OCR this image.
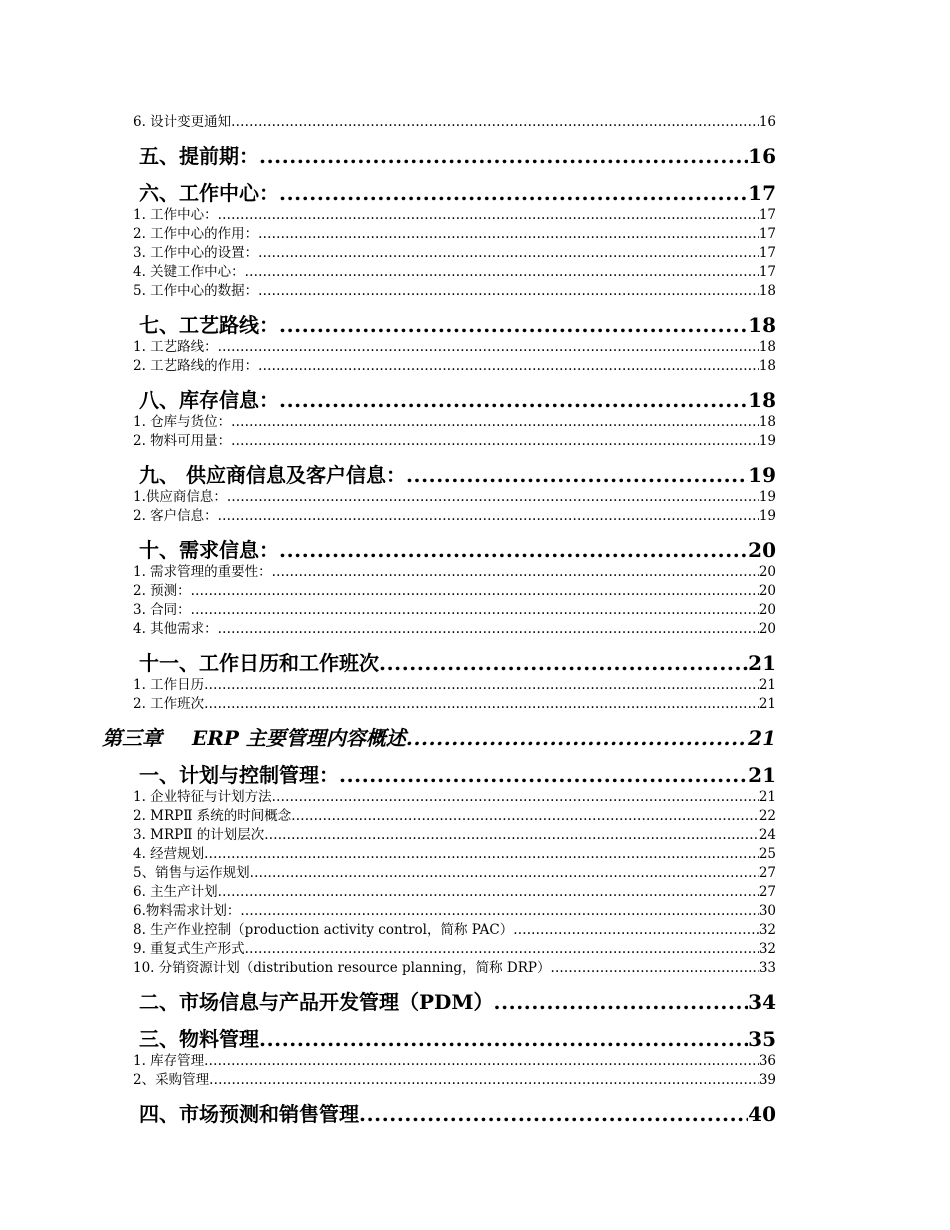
6. 设计变更通知 .....	16
五、提前期： .....	16
六、工作中心： .....	17
1. 工作中心： .....	17
2. 工作中心的作用： .....	17
3. 工作中心的设置： .....	17
4. 关键工作中心： .....	17
5. 工作中心的数据： .....	18
七、工艺路线： .....	18
1. 工艺路线： .....	18
2. 工艺路线的作用： .....	18
八、库存信息： .....	18
1. 仓库与货位： .....	18
2. 物料可用量： .....	19
九、 供应商信息及客户信息： .....	19
1.供应商信息： .....	19
2. 客户信息： .....	19
十、需求信息： .....	20
1. 需求管理的重要性： .....	20
2. 预测： .....	20
3. 合同： .....	20
4. 其他需求： .....	20
十一、工作日历和工作班次 .....	21
1. 工作日历 .....	21
2. 工作班次 .....	21
第三章 ERP 主要管理内容概述 .....	21
一、计划与控制管理： .....	21
1. 企业特征与计划方法 .....	21
2. MRPⅡ 系统的时间概念 .....	22
3. MRPⅡ 的计划层次 .....	24
4. 经营规划 .....	25
5、销售与运作规划 .....	27
6. 主生产计划 .....	27
6.物料需求计划： .....	30
8. 生产作业控制（production activity control，简称 PAC） .....	32
9. 重复式生产形式 .....	32
10. 分销资源计划（distribution resource planning，简称 DRP） .....	33
二、市场信息与产品开发管理（PDM） .....	34
三、物料管理 .....	35
1. 库存管理 .....	36
2、采购管理 .....	39
四、市场预测和销售管理 .....	40
